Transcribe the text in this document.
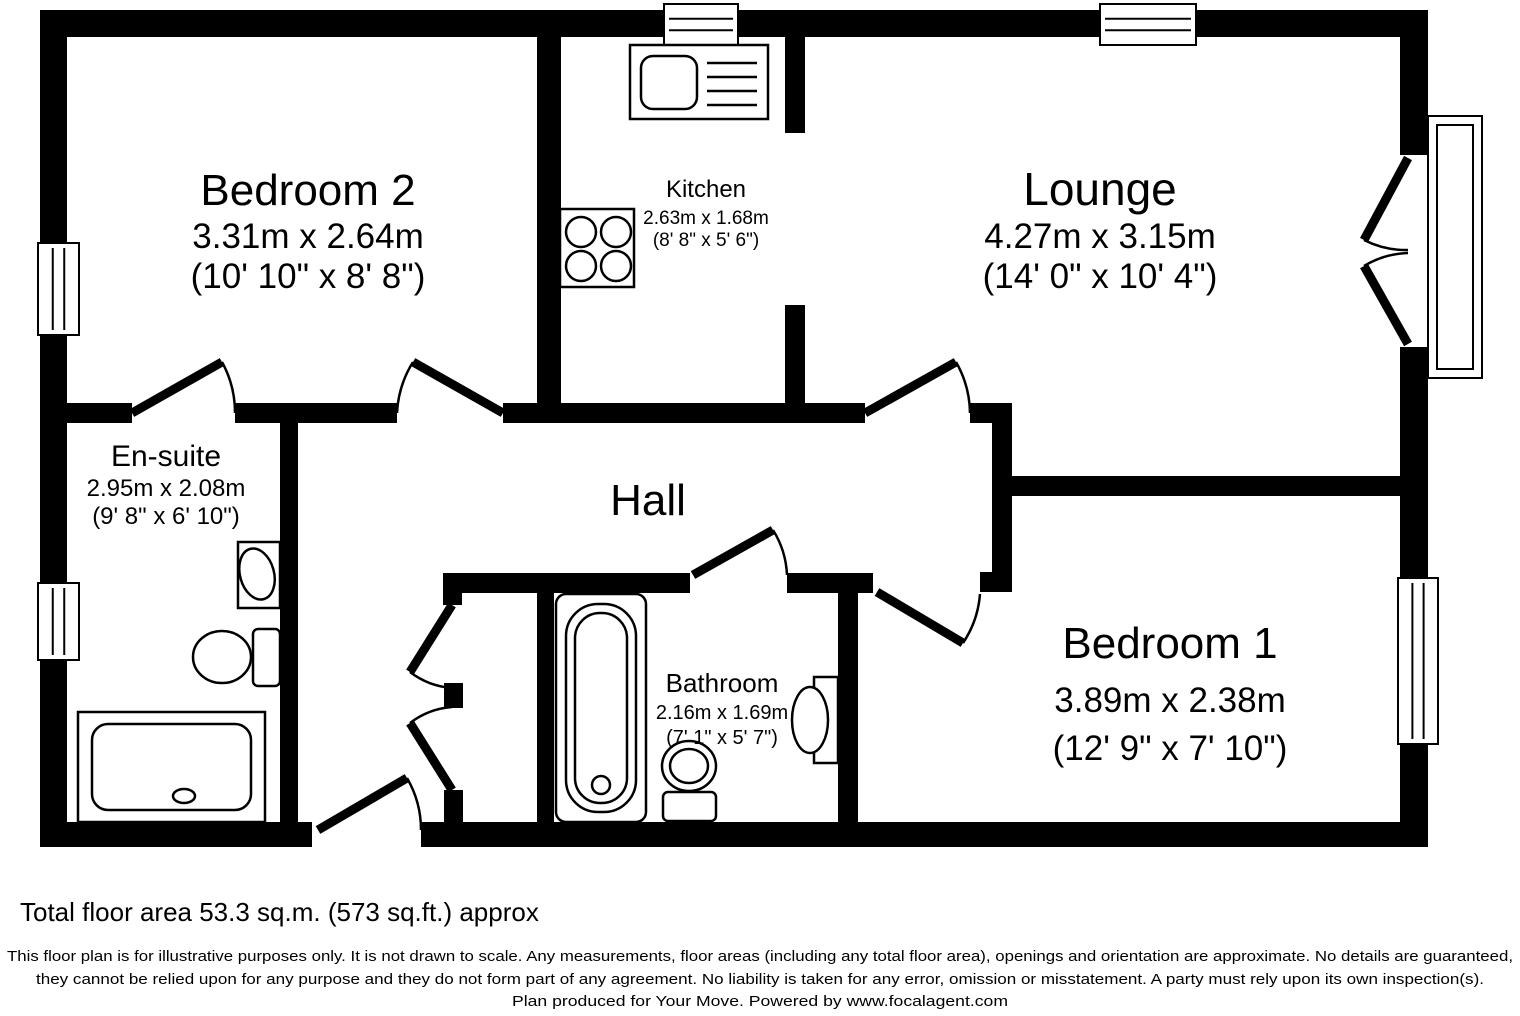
Bedroom 2
3.31m x 2.64m
(10' 10" x 8' 8")
Kitchen
2.63m x 1.68m
(8' 8" x 5' 6")
Lounge
4.27m x 3.15m
(14' 0" x 10' 4")
En-suite
2.95m x 2.08m
(9' 8" x 6' 10")	Hall
Bathroom
2.16m x 1.69m
(7' 1" x 5' 7")
Bedroom 1
3.89m x 2.38m
(12' 9" x 7' 10")
Total floor area 53.3 sq.m. (573 sq.ft.) approx
This floor plan is for illustrative purposes only. It is not drawn to scale. Any measurements, floor areas (including any total floor area), openings and orientation are approximate. No details are guaranteed,
they cannot be relied upon for any purpose and they do not form part of any agreement. No liability is taken for any error, omission or misstatement. A party must rely upon its own inspection(s).
Plan produced for Your Move. Powered by www.focalagent.com
